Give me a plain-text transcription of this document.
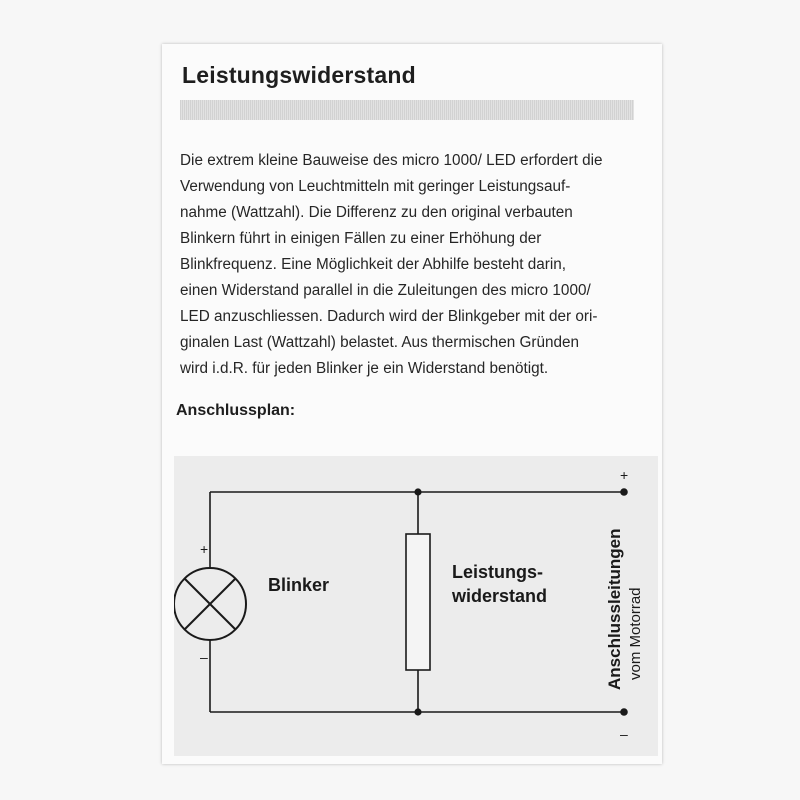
Leistungswiderstand

Die extrem kleine Bauweise des micro 1000/ LED erfordert die
Verwendung von Leuchtmitteln mit geringer Leistungsauf-
nahme (Wattzahl). Die Differenz zu den original verbauten
Blinkern führt in einigen Fällen zu einer Erhöhung der
Blinkfrequenz. Eine Möglichkeit der Abhilfe besteht darin,
einen Widerstand parallel in die Zuleitungen des micro 1000/
LED anzuschliessen. Dadurch wird der Blinkgeber mit der ori-
ginalen Last (Wattzahl) belastet. Aus thermischen Gründen
wird i.d.R. für jeden Blinker je ein Widerstand benötigt.

Anschlussplan:
+
–
+
–
Blinker
Leistungs-
widerstand	Anschlussleitungen vom Motorrad
